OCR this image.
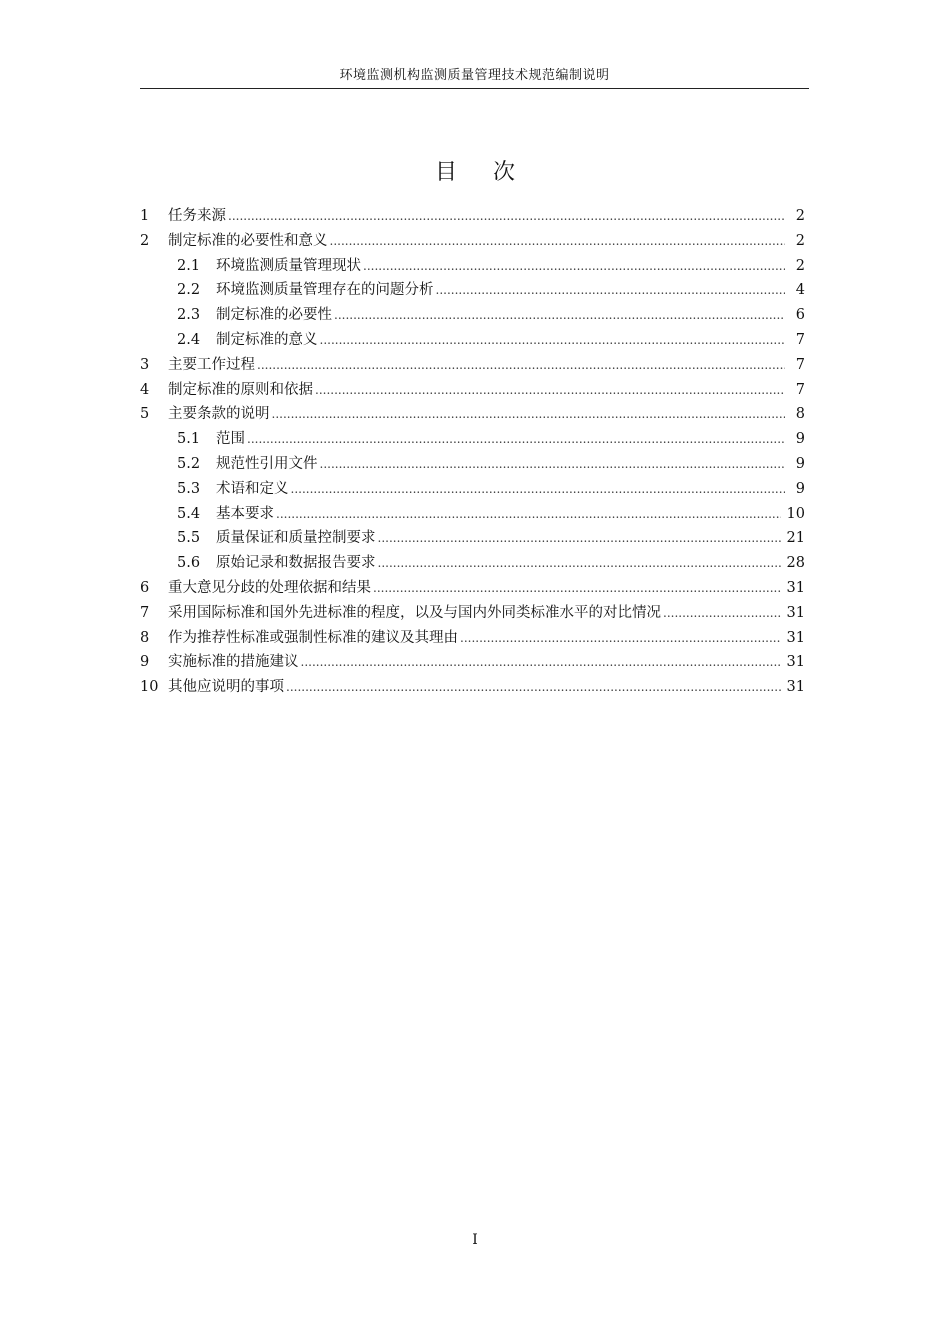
环境监测机构监测质量管理技术规范编制说明
目次
1	任务来源 .....	2
2	制定标准的必要性和意义 .....	2
2.1	环境监测质量管理现状 .....	2
2.2	环境监测质量管理存在的问题分析 .....	4
2.3	制定标准的必要性 .....	6
2.4	制定标准的意义 .....	7
3	主要工作过程 .....	7
4	制定标准的原则和依据 .....	7
5	主要条款的说明 .....	8
5.1	范围 .....	9
5.2	规范性引用文件 .....	9
5.3	术语和定义 .....	9
5.4	基本要求 .....	10
5.5	质量保证和质量控制要求 .....	21
5.6	原始记录和数据报告要求 .....	28
6	重大意见分歧的处理依据和结果 .....	31
7	采用国际标准和国外先进标准的程度，以及与国内外同类标准水平的对比情况 .....	31
8	作为推荐性标准或强制性标准的建议及其理由 .....	31
9	实施标准的措施建议 .....	31
10 其他应说明的事项 .....	31
I
